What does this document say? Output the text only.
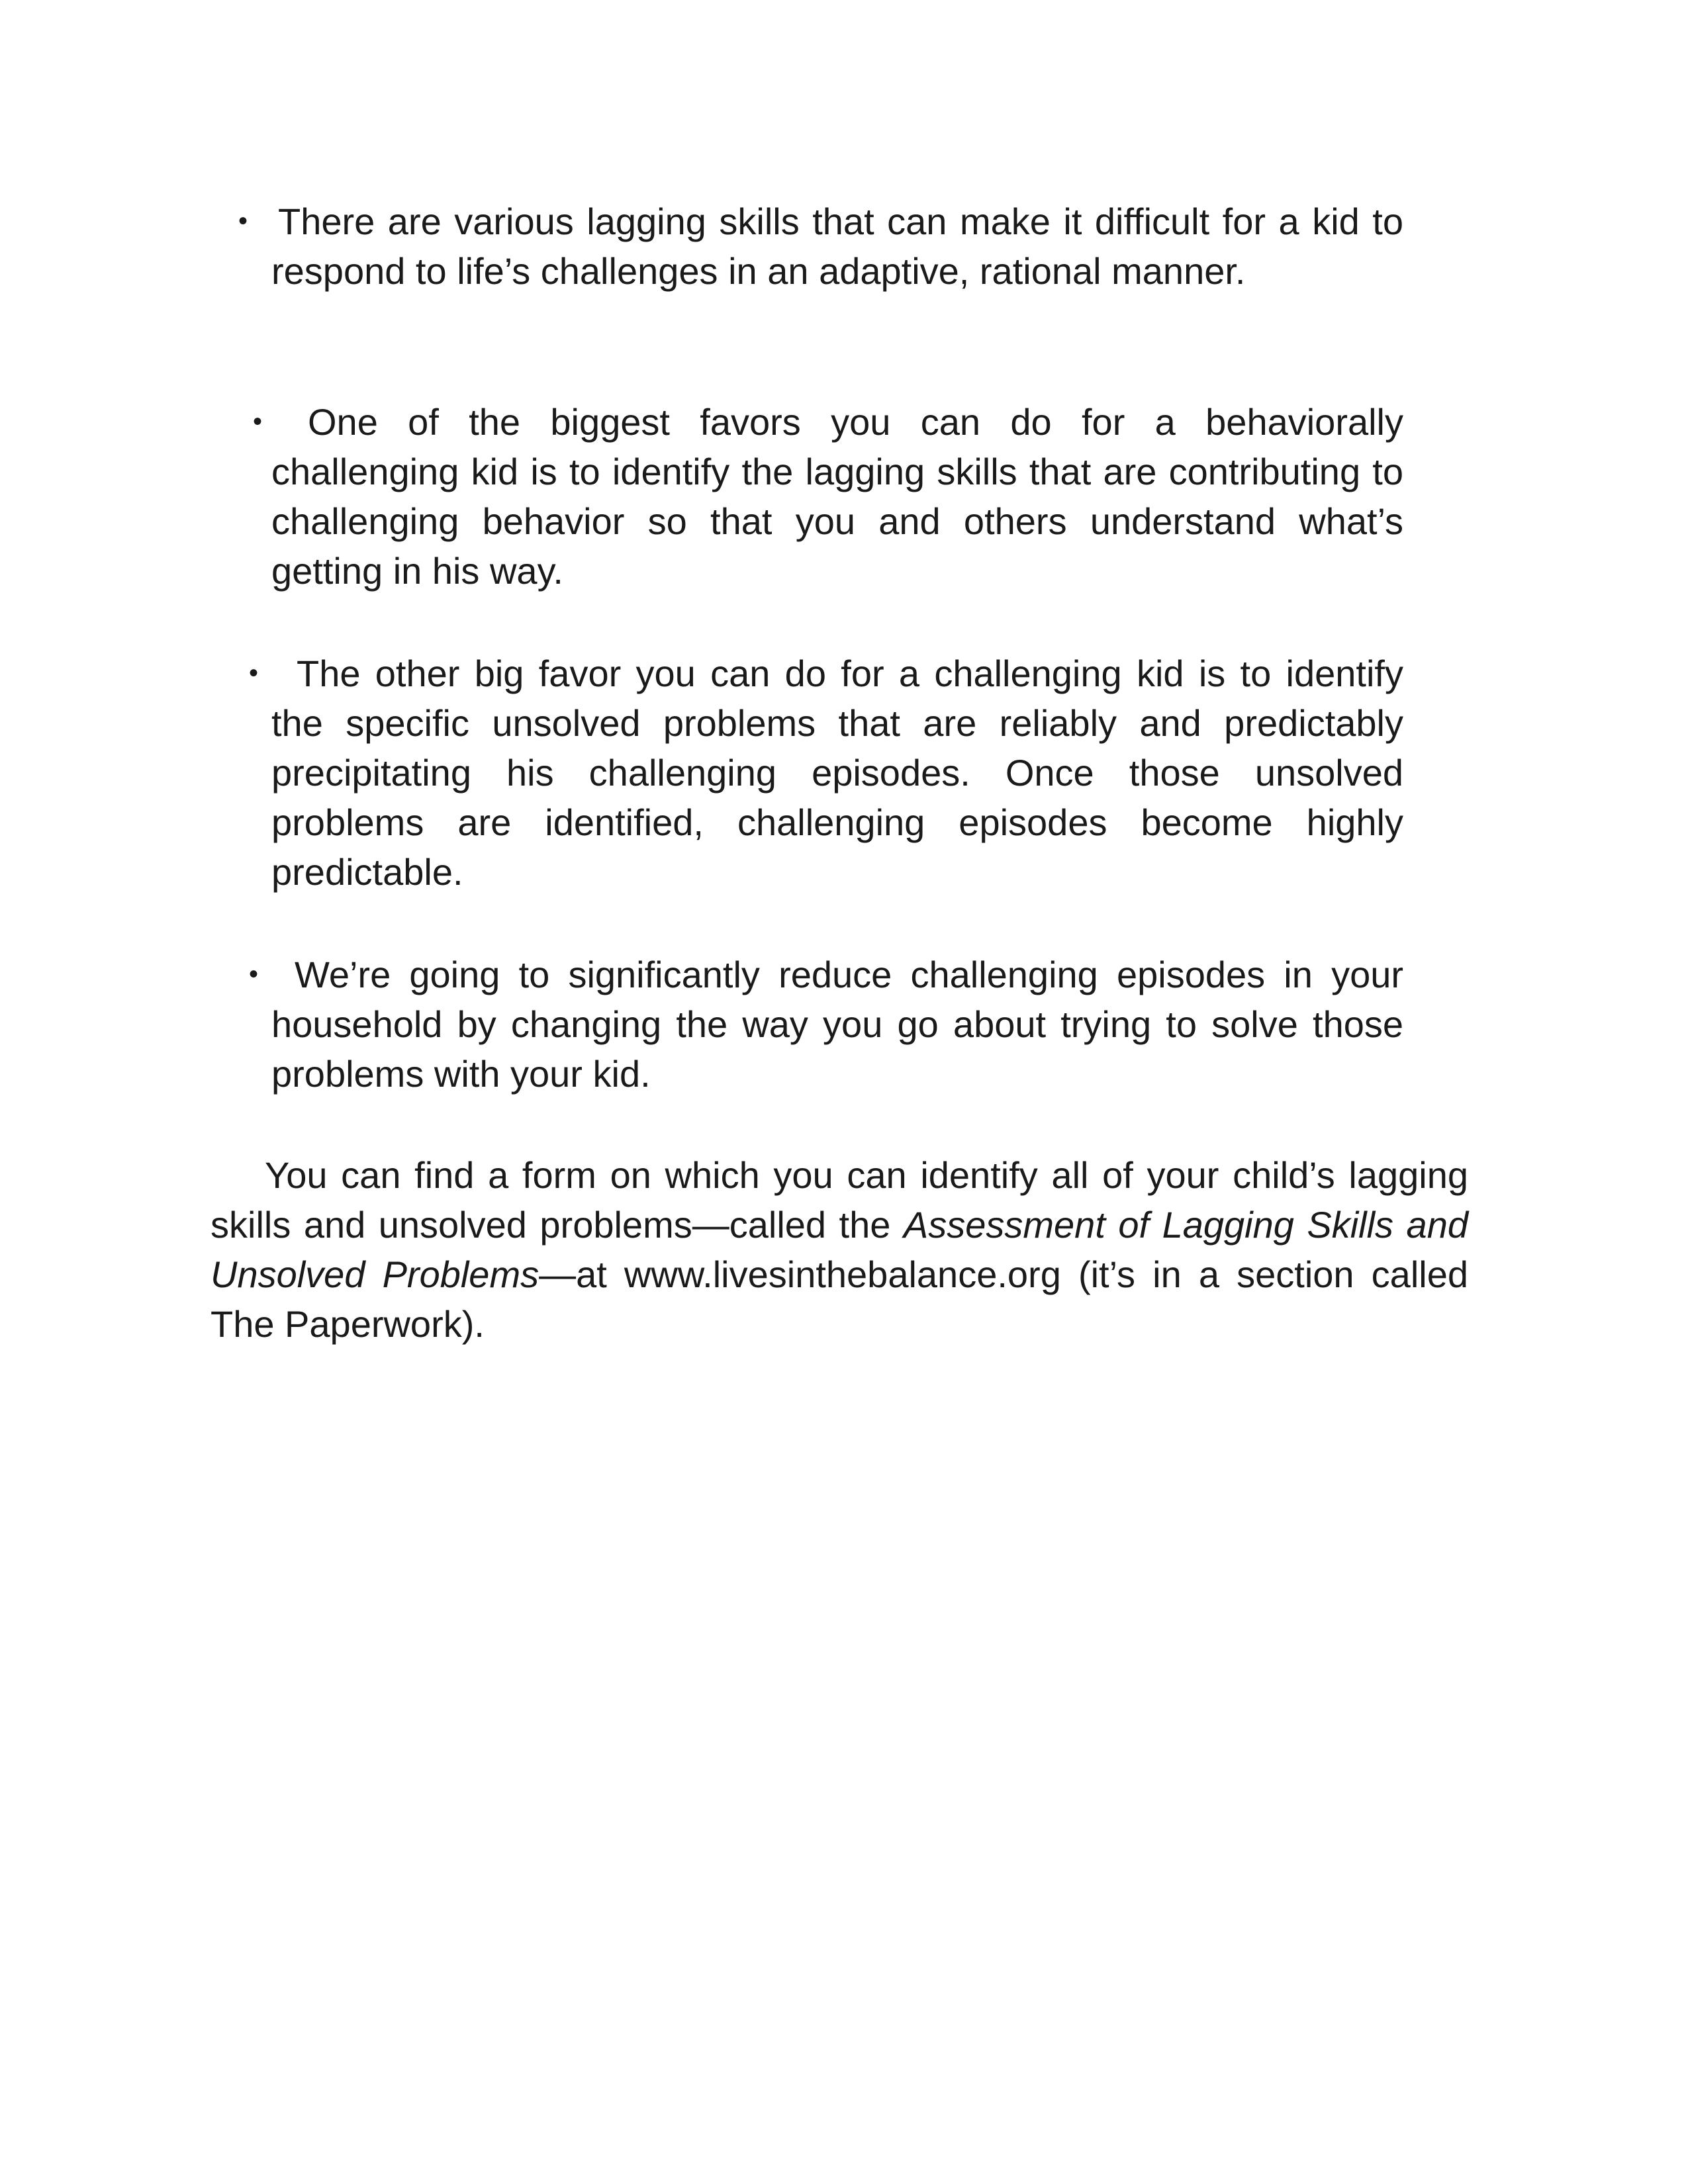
• There are various lagging skills that can make it difficult for a kid to respond to life’s challenges in an adaptive, rational manner.
•	One of the biggest favors you can do for a behaviorally challenging kid is to identify the lagging skills that are contributing to challenging behavior so that you and others understand what’s getting in his way.
•	The other big favor you can do for a challenging kid is to identify the specific unsolved problems that are reliably and predictably precipitating his challenging episodes. Once those unsolved problems are identified, challenging episodes become highly predictable.
• We’re going to significantly reduce challenging episodes in your household by changing the way you go about trying to solve those problems with your kid.

You can find a form on which you can identify all of your child’s lagging skills and unsolved problems—called the Assessment of Lagging Skills and Unsolved Problems—at www.livesinthebalance.org (it’s in a section called The Paperwork).
